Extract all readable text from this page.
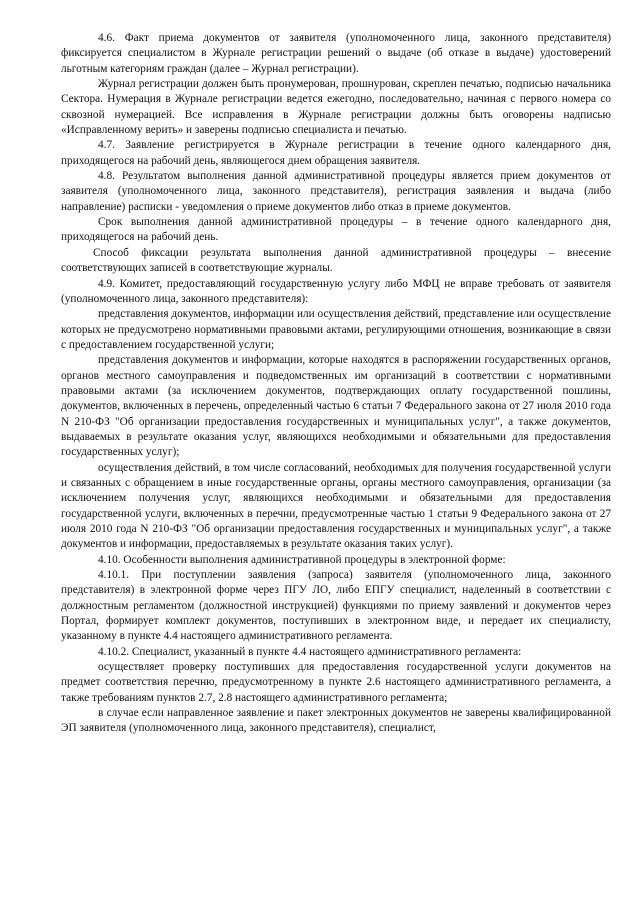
4.6. Факт приема документов от заявителя (уполномоченного лица, законного представителя) фиксируется специалистом в Журнале регистрации решений о выдаче (об отказе в выдаче) удостоверений льготным категориям граждан (далее – Журнал регистрации).

Журнал регистрации должен быть пронумерован, прошнурован, скреплен печатью, подписью начальника Сектора. Нумерация в Журнале регистрации ведется ежегодно, последовательно, начиная с первого номера со сквозной нумерацией. Все исправления в Журнале регистрации должны быть оговорены надписью «Исправленному верить» и заверены подписью специалиста и печатью.

4.7. Заявление регистрируется в Журнале регистрации в течение одного календарного дня, приходящегося на рабочий день, являющегося днем обращения заявителя.

4.8. Результатом выполнения данной административной процедуры является прием документов от заявителя (уполномоченного лица, законного представителя), регистрация заявления и выдача (либо направление) расписки - уведомления о приеме документов либо отказ в приеме документов.

Срок выполнения данной административной процедуры – в течение одного календарного дня, приходящегося на рабочий день.

Способ фиксации результата выполнения данной административной процедуры – внесение соответствующих записей в соответствующие журналы.

4.9. Комитет, предоставляющий государственную услугу либо МФЦ не вправе требовать от заявителя (уполномоченного лица, законного представителя):

представления документов, информации или осуществления действий, представление или осуществление которых не предусмотрено нормативными правовыми актами, регулирующими отношения, возникающие в связи с предоставлением государственной услуги;

представления документов и информации, которые находятся в распоряжении государственных органов, органов местного самоуправления и подведомственных им организаций в соответствии с нормативными правовыми актами (за исключением документов, подтверждающих оплату государственной пошлины, документов, включенных в перечень, определенный частью 6 статьи 7 Федерального закона от 27 июля 2010 года N 210-ФЗ "Об организации предоставления государственных и муниципальных услуг", а также документов, выдаваемых в результате оказания услуг, являющихся необходимыми и обязательными для предоставления государственных услуг);

осуществления действий, в том числе согласований, необходимых для получения государственной услуги и связанных с обращением в иные государственные органы, органы местного самоуправления, организации (за исключением получения услуг, являющихся необходимыми и обязательными для предоставления государственной услуги, включенных в перечни, предусмотренные частью 1 статьи 9 Федерального закона от 27 июля 2010 года N 210-ФЗ "Об организации предоставления государственных и муниципальных услуг", а также документов и информации, предоставляемых в результате оказания таких услуг).

4.10. Особенности выполнения административной процедуры в электронной форме:

4.10.1. При поступлении заявления (запроса) заявителя (уполномоченного лица, законного представителя) в электронной форме через ПГУ ЛО, либо ЕПГУ специалист, наделенный в соответствии с должностным регламентом (должностной инструкцией) функциями по приему заявлений и документов через Портал, формирует комплект документов, поступивших в электронном виде, и передает их специалисту, указанному в пункте 4.4 настоящего административного регламента.

4.10.2. Специалист, указанный в пункте 4.4 настоящего административного регламента:

осуществляет проверку поступивших для предоставления государственной услуги документов на предмет соответствия перечню, предусмотренному в пункте 2.6 настоящего административного регламента, а также требованиям пунктов 2.7, 2.8 настоящего административного регламента;

в случае если направленное заявление и пакет электронных документов не заверены квалифицированной ЭП заявителя (уполномоченного лица, законного представителя), специалист,
